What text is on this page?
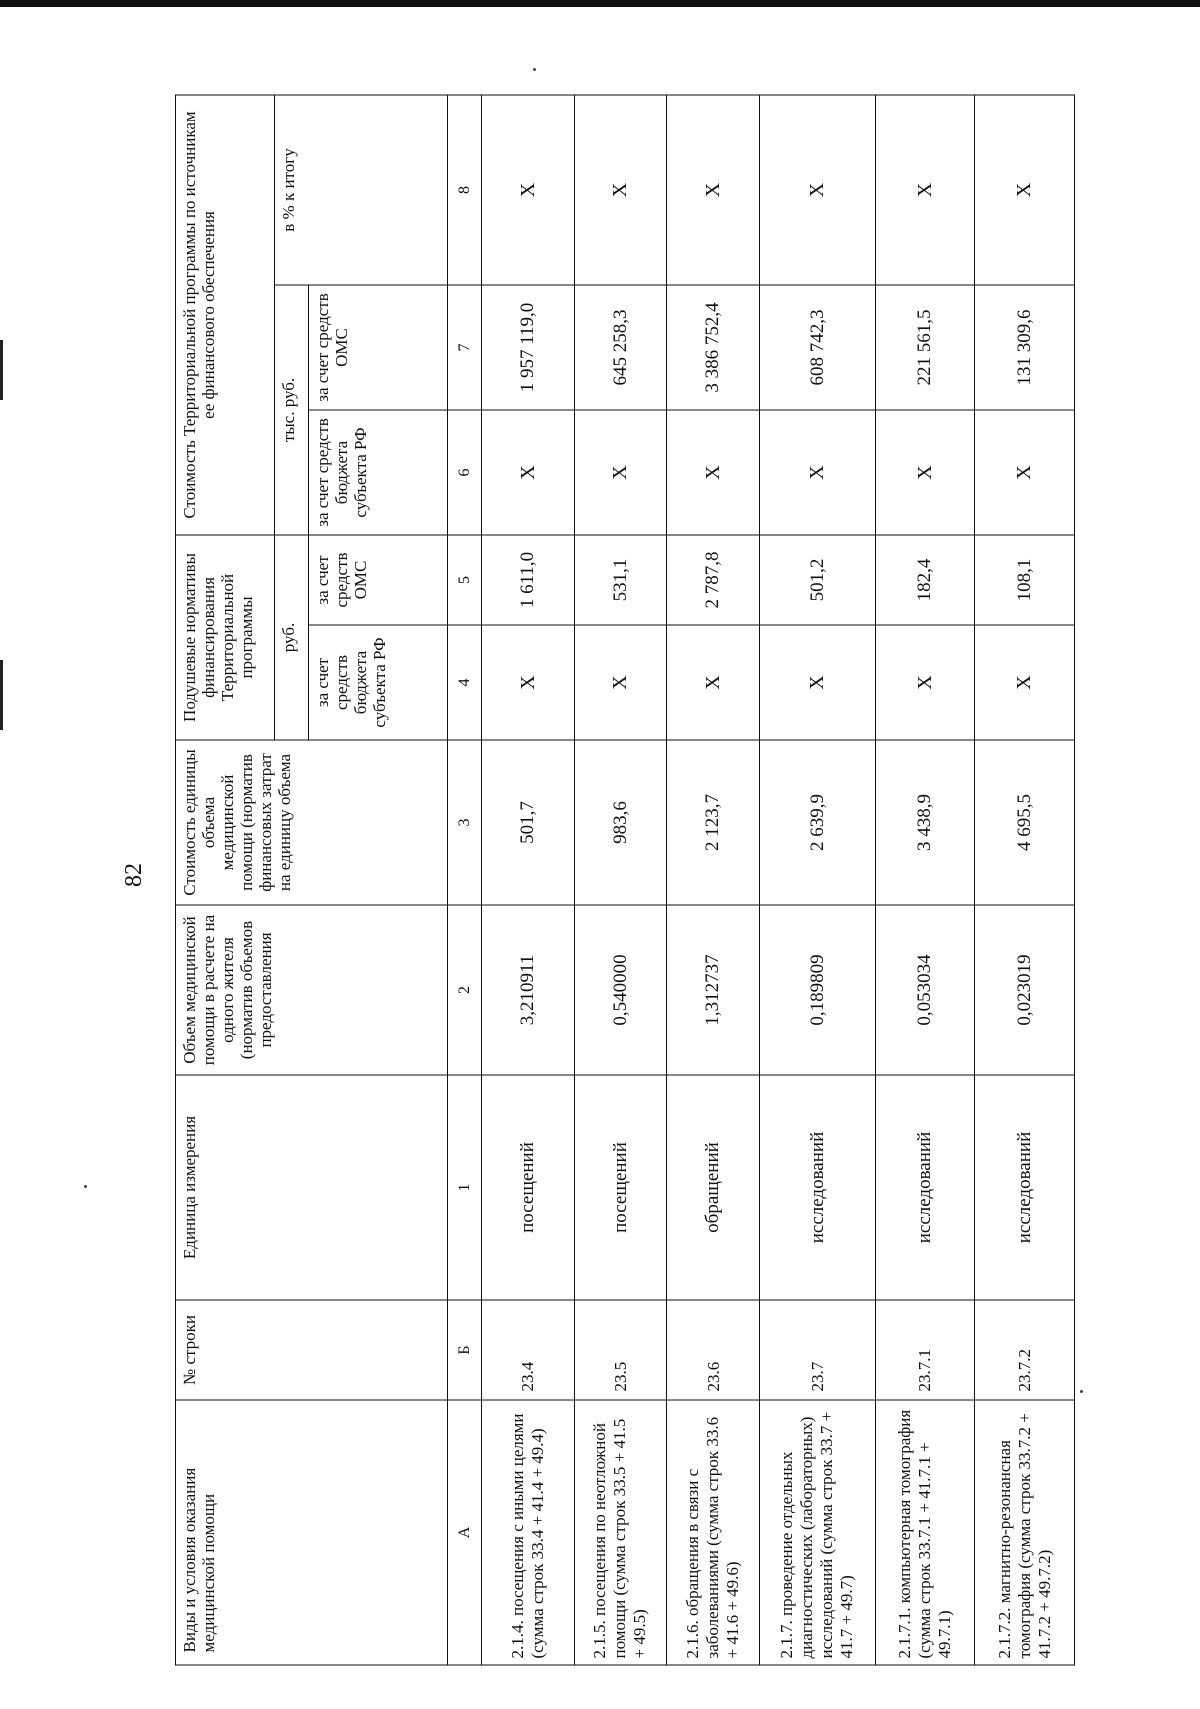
82
Виды и условия оказания медицинской помощи	№ строки	Единица измерения	Объем медицинской помощи в расчете на одного жителя (норматив объемов предоставления	Стоимость единицы объема медицинской помощи (норматив финансовых затрат на единицу объема	Подушевые нормативы финансирования Территориальной программы		Стоимость Территориальной программы по источникам ее финансового обеспечения		
					руб.		тыс. руб.		в % к итогу
					за счет средств бюджета субъекта РФ	за счет средств ОМС	за счет средств бюджета субъекта РФ	за счет средств ОМС	
А	Б	1	2	3	4	5	6	7	8
2.1.4. посещения с иными целями (сумма строк 33.4 + 41.4 + 49.4)	23.4	посещений	3,210911	501,7	Х	1 611,0	Х	1 957 119,0	Х
2.1.5. посещения по неотложной помощи (сумма строк 33.5 + 41.5 + 49.5)	23.5	посещений	0,540000	983,6	Х	531,1	Х	645 258,3	Х
2.1.6. обращения в связи с заболеваниями (сумма строк 33.6 + 41.6 + 49.6)	23.6	обращений	1,312737	2 123,7	Х	2 787,8	Х	3 386 752,4	Х
2.1.7. проведение отдельных диагностических (лабораторных) исследований (сумма строк 33.7 + 41.7 + 49.7)	23.7	исследований	0,189809	2 639,9	Х	501,2	Х	608 742,3	Х
2.1.7.1. компьютерная томография (сумма строк 33.7.1 + 41.7.1 + 49.7.1)	23.7.1	исследований	0,053034	3 438,9	Х	182,4	Х	221 561,5	Х
2.1.7.2. магнитно-резонансная томография (сумма строк 33.7.2 + 41.7.2 + 49.7.2)	23.7.2	исследований	0,023019	4 695,5	Х	108,1	Х	131 309,6	Х
